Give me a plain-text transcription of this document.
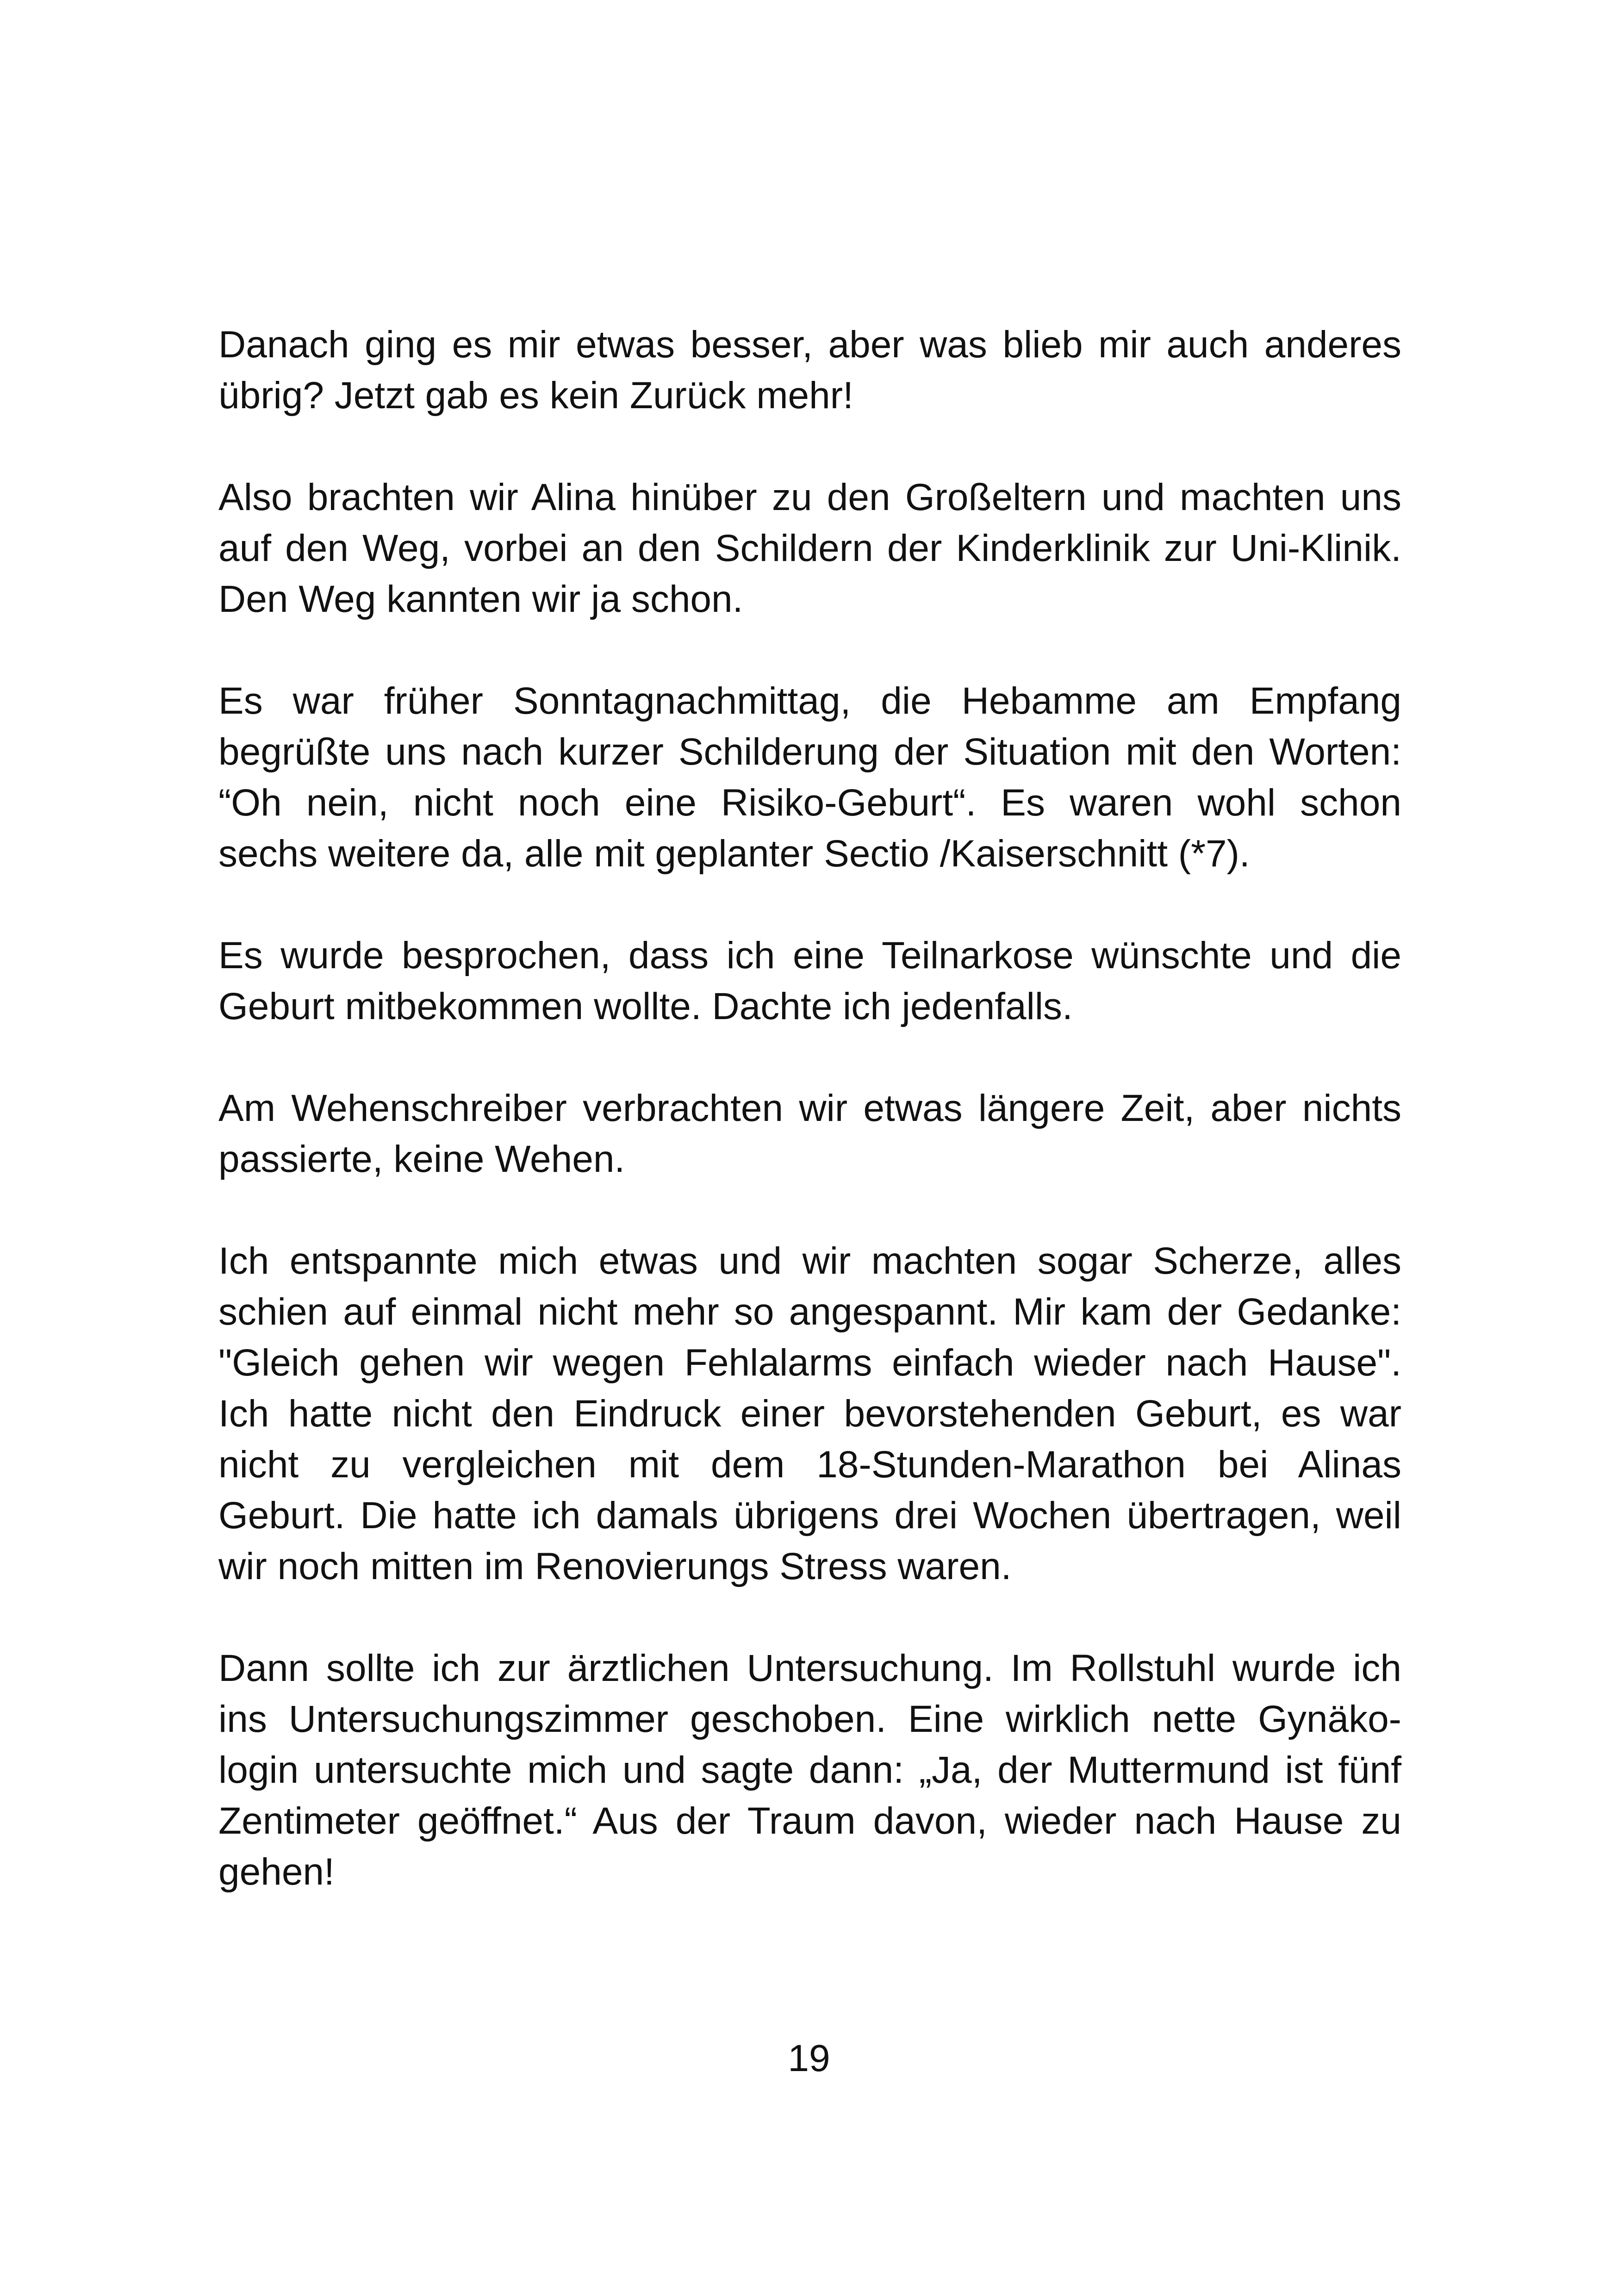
Danach ging es mir etwas besser, aber was blieb mir auch anderes
übrig? Jetzt gab es kein Zurück mehr!

Also brachten wir Alina hinüber zu den Großeltern und machten uns
auf den Weg, vorbei an den Schildern der Kinderklinik zur Uni-Klinik.
Den Weg kannten wir ja schon.

Es war früher Sonntagnachmittag, die Hebamme am Empfang
begrüßte uns nach kurzer Schilderung der Situation mit den Worten:
“Oh nein, nicht noch eine Risiko-Geburt“. Es waren wohl schon
sechs weitere da, alle mit geplanter Sectio /Kaiserschnitt (*7).

Es wurde besprochen, dass ich eine Teilnarkose wünschte und die
Geburt mitbekommen wollte. Dachte ich jedenfalls.

Am Wehenschreiber verbrachten wir etwas längere Zeit, aber nichts
passierte, keine Wehen.

Ich entspannte mich etwas und wir machten sogar Scherze, alles
schien auf einmal nicht mehr so angespannt. Mir kam der Gedanke:
"Gleich gehen wir wegen Fehlalarms einfach wieder nach Hause".
Ich hatte nicht den Eindruck einer bevorstehenden Geburt, es war
nicht zu vergleichen mit dem 18-Stunden-Marathon bei Alinas
Geburt. Die hatte ich damals übrigens drei Wochen übertragen, weil
wir noch mitten im Renovierungs Stress waren.

Dann sollte ich zur ärztlichen Untersuchung. Im Rollstuhl wurde ich
ins Untersuchungszimmer geschoben. Eine wirklich nette Gynäko-
login untersuchte mich und sagte dann: „Ja, der Muttermund ist fünf
Zentimeter geöffnet.“ Aus der Traum davon, wieder nach Hause zu
gehen!

19
